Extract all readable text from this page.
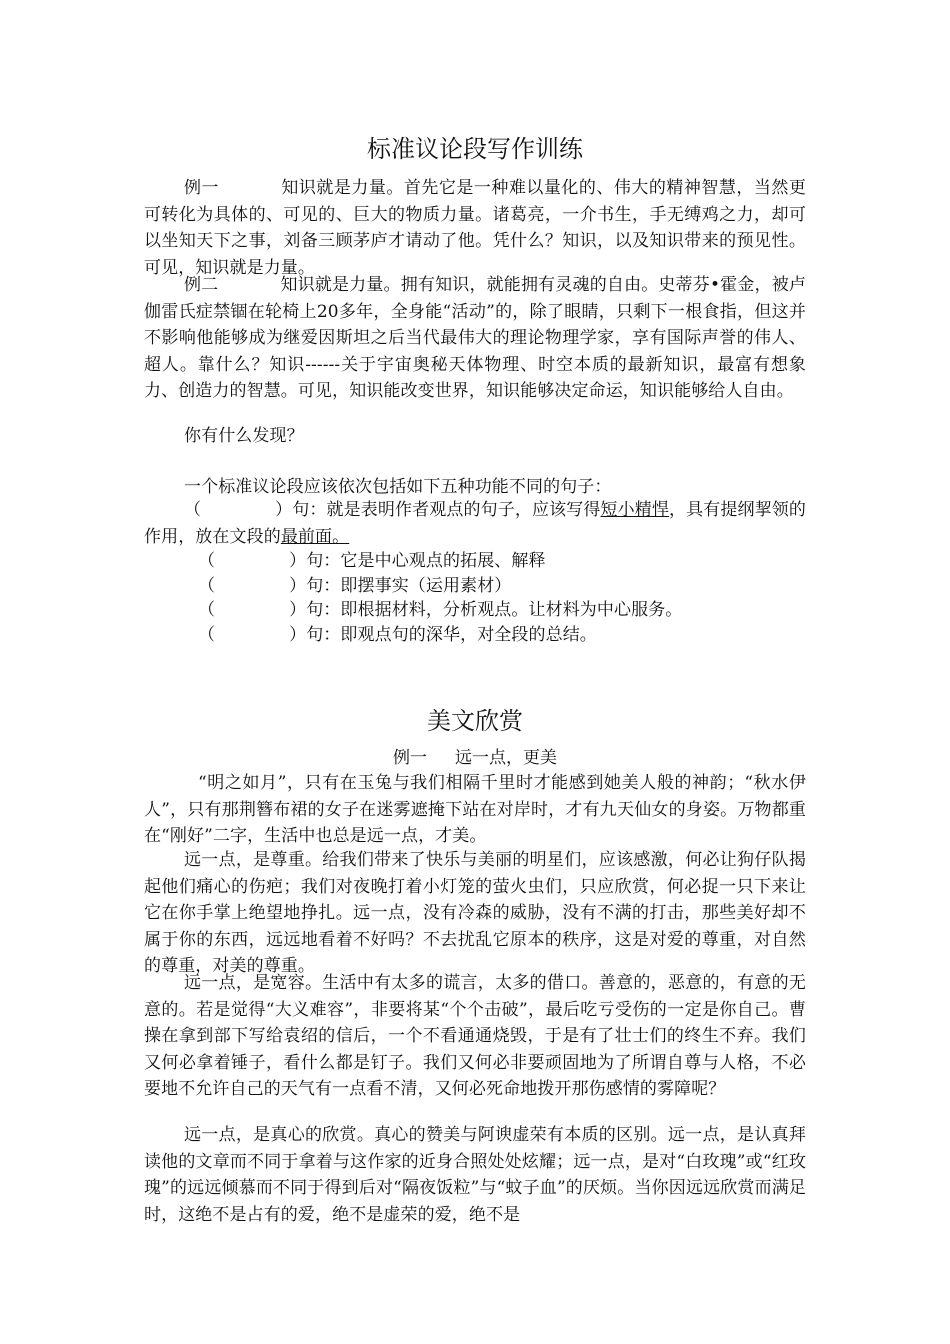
标准议论段写作训练
例一	知识就是力量。首先它是一种难以量化的、伟大的精神智慧，当然更可转化为具体的、可见的、巨大的物质力量。诸葛亮，一介书生，手无缚鸡之力，却可以坐知天下之事，刘备三顾茅庐才请动了他。凭什么？知识，以及知识带来的预见性。可见，知识就是力量。
例二	知识就是力量。拥有知识，就能拥有灵魂的自由。史蒂芬•霍金，被卢伽雷氏症禁锢在轮椅上20多年，全身能“活动”的，除了眼睛，只剩下一根食指，但这并不影响他能够成为继爱因斯坦之后当代最伟大的理论物理学家，享有国际声誉的伟人、超人。靠什么？知识------关于宇宙奥秘天体物理、时空本质的最新知识，最富有想象力、创造力的智慧。可见，知识能改变世界，知识能够决定命运，知识能够给人自由。
你有什么发现？
一个标准议论段应该依次包括如下五种功能不同的句子：
（	）句：就是表明作者观点的句子，应该写得短小精悍，具有提纲挈领的作用，放在文段的最前面。
（	）句：它是中心观点的拓展、解释
（	）句：即摆事实（运用素材）
（	）句：即根据材料，分析观点。让材料为中心服务。
（	）句：即观点句的深华，对全段的总结。
美文欣赏
例一 远一点，更美
“明之如月”，只有在玉兔与我们相隔千里时才能感到她美人般的神韵；“秋水伊人”，只有那荆簪布裙的女子在迷雾遮掩下站在对岸时，才有九天仙女的身姿。万物都重在“刚好”二字，生活中也总是远一点，才美。
远一点，是尊重。给我们带来了快乐与美丽的明星们，应该感激，何必让狗仔队揭起他们痛心的伤疤；我们对夜晚打着小灯笼的萤火虫们，只应欣赏，何必捉一只下来让它在你手掌上绝望地挣扎。远一点，没有冷森的威胁，没有不满的打击，那些美好却不属于你的东西，远远地看着不好吗？不去扰乱它原本的秩序，这是对爱的尊重，对自然的尊重，对美的尊重。
远一点，是宽容。生活中有太多的谎言，太多的借口。善意的，恶意的，有意的无意的。若是觉得“大义难容”，非要将某“个个击破”，最后吃亏受伤的一定是你自己。曹操在拿到部下写给袁绍的信后，一个不看通通烧毁，于是有了壮士们的终生不弃。我们又何必拿着锤子，看什么都是钉子。我们又何必非要顽固地为了所谓自尊与人格，不必要地不允许自己的天气有一点看不清，又何必死命地拨开那伤感情的雾障呢？
远一点，是真心的欣赏。真心的赞美与阿谀虚荣有本质的区别。远一点，是认真拜读他的文章而不同于拿着与这作家的近身合照处处炫耀；远一点，是对“白玫瑰”或“红玫瑰”的远远倾慕而不同于得到后对“隔夜饭粒”与“蚊子血”的厌烦。当你因远远欣赏而满足时，这绝不是占有的爱，绝不是虚荣的爱，绝不是
